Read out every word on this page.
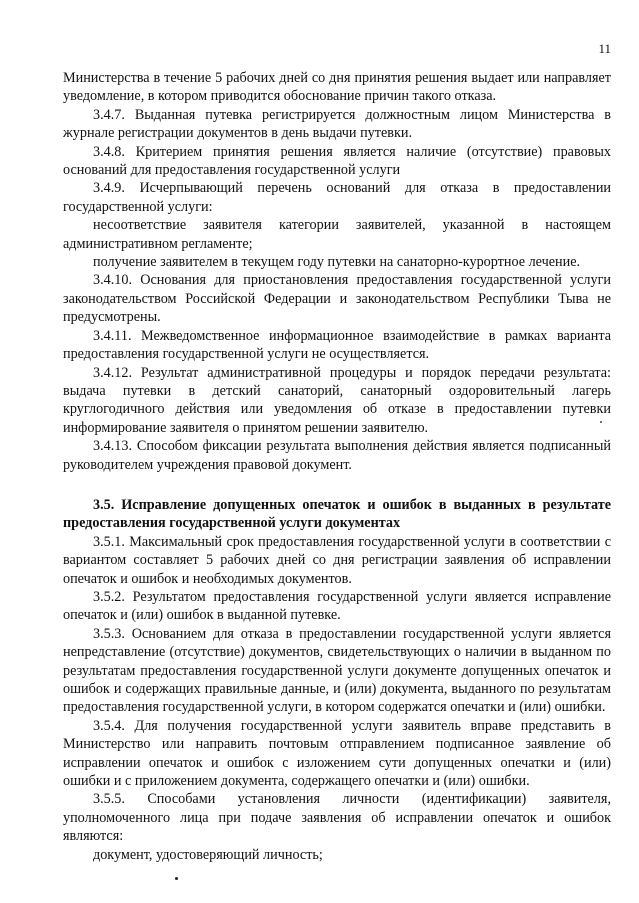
11

Министерства в течение 5 рабочих дней со дня принятия решения выдает или направляет уведомление, в котором приводится обоснование причин такого отказа.

3.4.7. Выданная путевка регистрируется должностным лицом Министерства в журнале регистрации документов в день выдачи путевки.

3.4.8. Критерием принятия решения является наличие (отсутствие) правовых оснований для предоставления государственной услуги

3.4.9. Исчерпывающий перечень оснований для отказа в предоставлении государственной услуги:

несоответствие заявителя категории заявителей, указанной в настоящем административном регламенте;

получение заявителем в текущем году путевки на санаторно-курортное лечение.

3.4.10. Основания для приостановления предоставления государственной услуги законодательством Российской Федерации и законодательством Республики Тыва не предусмотрены.

3.4.11. Межведомственное информационное взаимодействие в рамках варианта предоставления государственной услуги не осуществляется.

3.4.12. Результат административной процедуры и порядок передачи результата: выдача путевки в детский санаторий, санаторный оздоровительный лагерь круглогодичного действия или уведомления об отказе в предоставлении путевки информирование заявителя о принятом решении заявителю.

3.4.13. Способом фиксации результата выполнения действия является подписанный руководителем учреждения правовой документ.

3.5. Исправление допущенных опечаток и ошибок в выданных в результате предоставления государственной услуги документах

3.5.1. Максимальный срок предоставления государственной услуги в соответствии с вариантом составляет 5 рабочих дней со дня регистрации заявления об исправлении опечаток и ошибок и необходимых документов.

3.5.2. Результатом предоставления государственной услуги является исправление опечаток и (или) ошибок в выданной путевке.

3.5.3. Основанием для отказа в предоставлении государственной услуги является непредставление (отсутствие) документов, свидетельствующих о наличии в выданном по результатам предоставления государственной услуги документе допущенных опечаток и ошибок и содержащих правильные данные, и (или) документа, выданного по результатам предоставления государственной услуги, в котором содержатся опечатки и (или) ошибки.

3.5.4. Для получения государственной услуги заявитель вправе представить в Министерство или направить почтовым отправлением подписанное заявление об исправлении опечаток и ошибок с изложением сути допущенных опечатки и (или) ошибки и с приложением документа, содержащего опечатки и (или) ошибки.

3.5.5. Способами установления личности (идентификации) заявителя, уполномоченного лица при подаче заявления об исправлении опечаток и ошибок являются:

документ, удостоверяющий личность;
